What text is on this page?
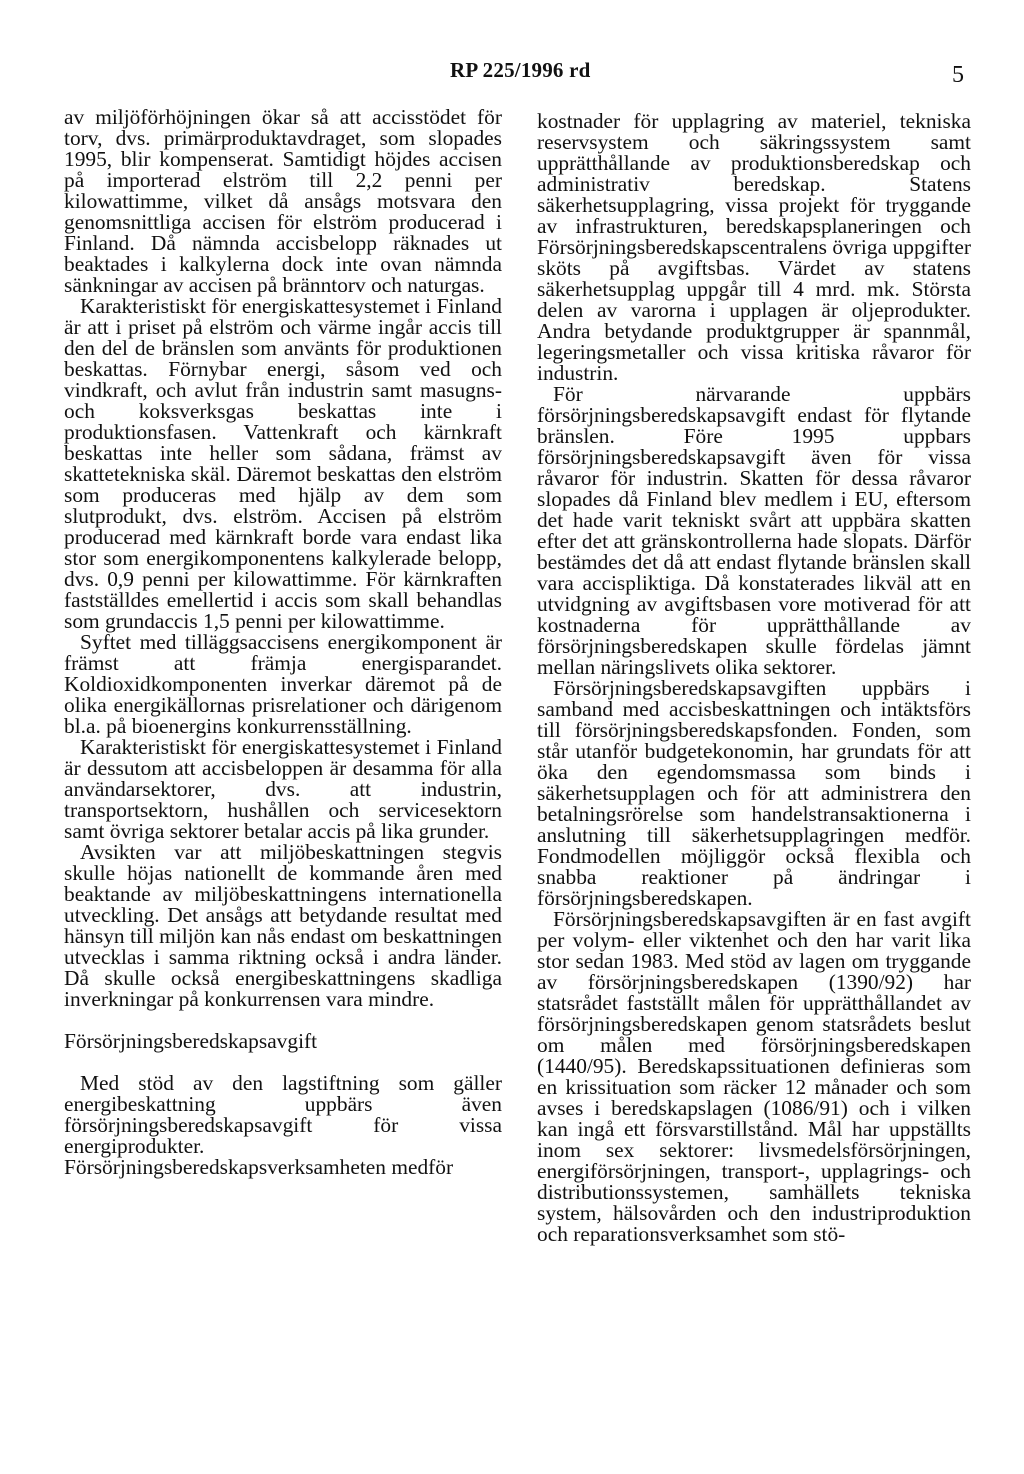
RP 225/1996 rd	5

av miljöförhöjningen ökar så att accisstödet för torv, dvs. primärproduktavdraget, som slopades 1995, blir kompenserat. Samtidigt höjdes accisen på importerad elström till 2,2 penni per kilowattimme, vilket då ansågs motsvara den genomsnittliga accisen för elström producerad i Finland. Då nämnda accisbelopp räknades ut beaktades i kalkylerna dock inte ovan nämnda sänkningar av accisen på bränntorv och naturgas.

Karakteristiskt för energiskattesystemet i Finland är att i priset på elström och värme ingår accis till den del de bränslen som använts för produktionen beskattas. Förnybar energi, såsom ved och vindkraft, och avlut från industrin samt masugns- och koksverksgas beskattas inte i produktionsfasen. Vattenkraft och kärnkraft beskattas inte heller som sådana, främst av skattetekniska skäl. Däremot beskattas den elström som produceras med hjälp av dem som slutprodukt, dvs. elström. Accisen på elström producerad med kärnkraft borde vara endast lika stor som energikomponentens kalkylerade belopp, dvs. 0,9 penni per kilowattimme. För kärnkraften fastställdes emellertid i accis som skall behandlas som grundaccis 1,5 penni per kilowattimme.

Syftet med tilläggsaccisens energikomponent är främst att främja energisparandet. Koldioxidkomponenten inverkar däremot på de olika energikällornas prisrelationer och därigenom bl.a. på bioenergins konkurrensställning.

Karakteristiskt för energiskattesystemet i Finland är dessutom att accisbeloppen är desamma för alla användarsektorer, dvs. att industrin, transportsektorn, hushållen och servicesektorn samt övriga sektorer betalar accis på lika grunder.

Avsikten var att miljöbeskattningen stegvis skulle höjas nationellt de kommande åren med beaktande av miljöbeskattningens internationella utveckling. Det ansågs att betydande resultat med hänsyn till miljön kan nås endast om beskattningen utvecklas i samma riktning också i andra länder. Då skulle också energibeskattningens skadliga inverkningar på konkurrensen vara mindre.

Försörjningsberedskapsavgift

Med stöd av den lagstiftning som gäller energibeskattning uppbärs även försörjningsberedskapsavgift för vissa energiprodukter. Försörjningsberedskapsverksamheten medför

kostnader för upplagring av materiel, tekniska reservsystem och säkringssystem samt upprätthållande av produktionsberedskap och administrativ beredskap. Statens säkerhetsupplagring, vissa projekt för tryggande av infrastrukturen, beredskapsplaneringen och Försörjningsberedskapscentralens övriga uppgifter sköts på avgiftsbas. Värdet av statens säkerhetsupplag uppgår till 4 mrd. mk. Största delen av varorna i upplagen är oljeprodukter. Andra betydande produktgrupper är spannmål, legeringsmetaller och vissa kritiska råvaror för industrin.

För närvarande uppbärs försörjningsberedskapsavgift endast för flytande bränslen. Före 1995 uppbars försörjningsberedskapsavgift även för vissa råvaror för industrin. Skatten för dessa råvaror slopades då Finland blev medlem i EU, eftersom det hade varit tekniskt svårt att uppbära skatten efter det att gränskontrollerna hade slopats. Därför bestämdes det då att endast flytande bränslen skall vara accispliktiga. Då konstaterades likväl att en utvidgning av avgiftsbasen vore motiverad för att kostnaderna för upprätthållande av försörjningsberedskapen skulle fördelas jämnt mellan näringslivets olika sektorer.

Försörjningsberedskapsavgiften uppbärs i samband med accisbeskattningen och intäktsförs till försörjningsberedskapsfonden. Fonden, som står utanför budgetekonomin, har grundats för att öka den egendomsmassa som binds i säkerhetsupplagen och för att administrera den betalningsrörelse som handelstransaktionerna i anslutning till säkerhetsupplagringen medför. Fondmodellen möjliggör också flexibla och snabba reaktioner på ändringar i försörjningsberedskapen.

Försörjningsberedskapsavgiften är en fast avgift per volym- eller viktenhet och den har varit lika stor sedan 1983. Med stöd av lagen om tryggande av försörjningsberedskapen (1390/92) har statsrådet fastställt målen för upprätthållandet av försörjningsberedskapen genom statsrådets beslut om målen med försörjningsberedskapen (1440/95). Beredskapssituationen definieras som en krissituation som räcker 12 månader och som avses i beredskapslagen (1086/91) och i vilken kan ingå ett försvarstillstånd. Mål har uppställts inom sex sektorer: livsmedelsförsörjningen, energiförsörjningen, transport-, upplagrings- och distributionssystemen, samhällets tekniska system, hälsovården och den industriproduktion och reparationsverksamhet som stö-
